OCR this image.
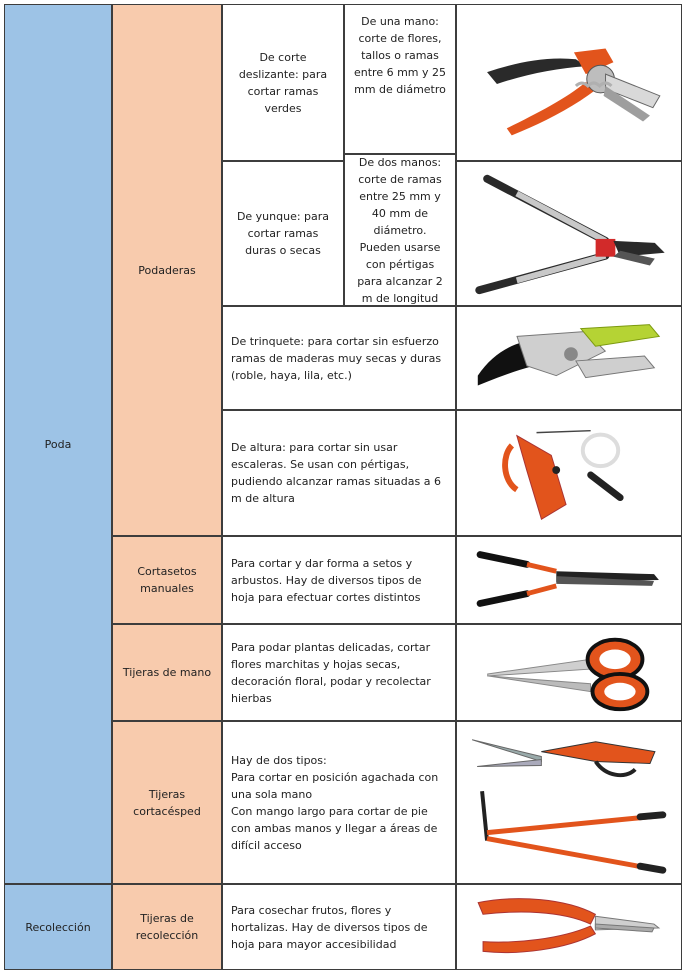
Poda
Recolección
Podaderas
Cortasetos manuales
Tijeras de mano
Tijeras cortacésped
Tijeras de recolección
De corte deslizante: para cortar ramas verdes
De yunque: para cortar ramas duras o secas
De una mano: corte de flores, tallos o ramas entre 6 mm y 25 mm de diámetro
De dos manos: corte de ramas entre 25 mm y 40 mm de diámetro. Pueden usarse con pértigas para alcanzar 2 m de longitud
De trinquete: para cortar sin esfuerzo ramas de maderas muy secas y duras (roble, haya, lila, etc.)
De altura: para cortar sin usar escaleras. Se usan con pértigas, pudiendo alcanzar ramas situadas a 6 m de altura
Para cortar y dar forma a setos y arbustos. Hay de diversos tipos de hoja para efectuar cortes distintos
Para podar plantas delicadas, cortar flores marchitas y hojas secas, decoración floral, podar y recolectar hierbas
Hay de dos tipos:
Para cortar en posición agachada con una sola mano
Con mango largo para cortar de pie con ambas manos y llegar a áreas de difícil acceso
Para cosechar frutos, flores y hortalizas. Hay de diversos tipos de hoja para mayor accesibilidad
